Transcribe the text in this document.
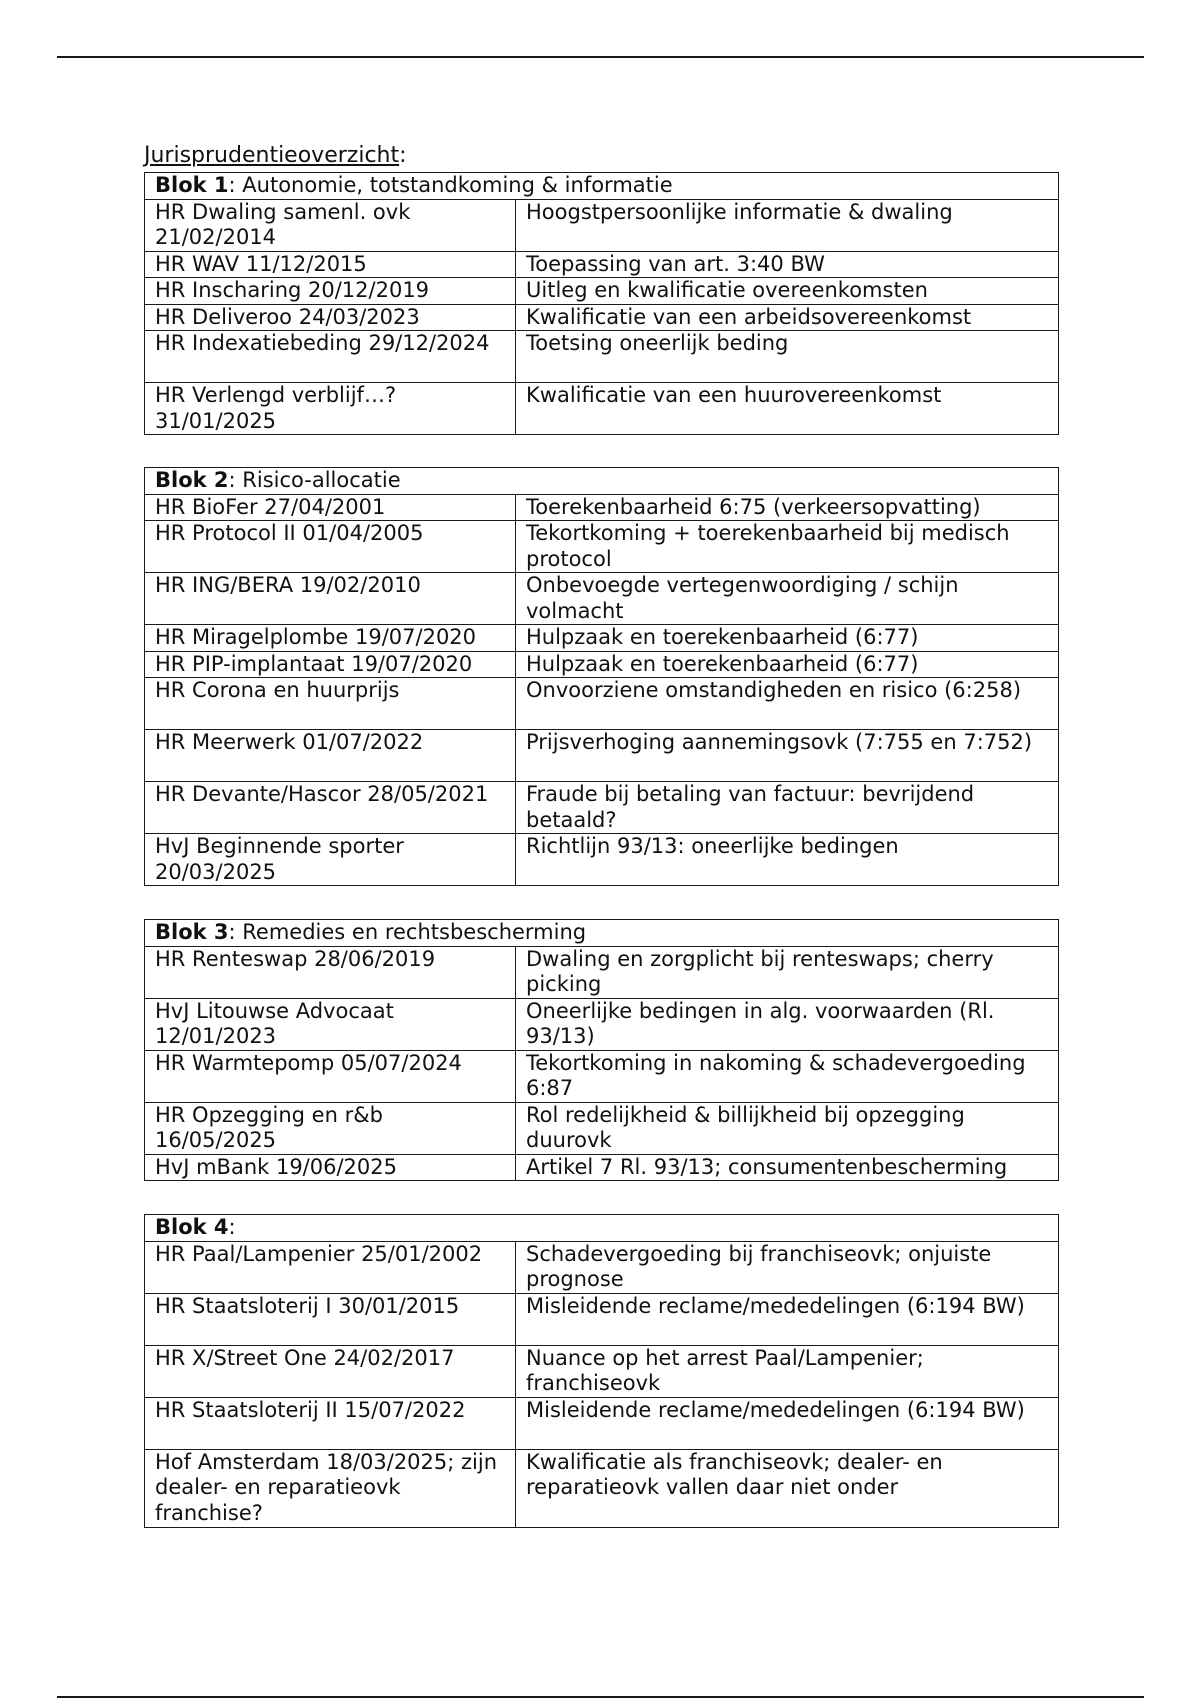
Jurisprudentieoverzicht:
Blok 1: Autonomie, totstandkoming & informatie	
HR Dwaling samenl. ovk 21/02/2014	Hoogstpersoonlijke informatie & dwaling
HR WAV 11/12/2015	Toepassing van art. 3:40 BW
HR Inscharing 20/12/2019	Uitleg en kwalificatie overeenkomsten
HR Deliveroo 24/03/2023	Kwalificatie van een arbeidsovereenkomst
HR Indexatiebeding 29/12/2024	Toetsing oneerlijk beding
HR Verlengd verblijf…? 31/01/2025	Kwalificatie van een huurovereenkomst
Blok 2: Risico-allocatie	
HR BioFer 27/04/2001	Toerekenbaarheid 6:75 (verkeersopvatting)
HR Protocol II 01/04/2005	Tekortkoming + toerekenbaarheid bij medisch protocol
HR ING/BERA 19/02/2010	Onbevoegde vertegenwoordiging / schijn volmacht
HR Miragelplombe 19/07/2020	Hulpzaak en toerekenbaarheid (6:77)
HR PIP-implantaat 19/07/2020	Hulpzaak en toerekenbaarheid (6:77)
HR Corona en huurprijs	Onvoorziene omstandigheden en risico (6:258)
HR Meerwerk 01/07/2022	Prijsverhoging aannemingsovk (7:755 en 7:752)
HR Devante/Hascor 28/05/2021	Fraude bij betaling van factuur: bevrijdend betaald?
HvJ Beginnende sporter 20/03/2025	Richtlijn 93/13: oneerlijke bedingen
Blok 3: Remedies en rechtsbescherming	
HR Renteswap 28/06/2019	Dwaling en zorgplicht bij renteswaps; cherry picking
HvJ Litouwse Advocaat 12/01/2023	Oneerlijke bedingen in alg. voorwaarden (Rl. 93/13)
HR Warmtepomp 05/07/2024	Tekortkoming in nakoming & schadevergoeding 6:87
HR Opzegging en r&b 16/05/2025	Rol redelijkheid & billijkheid bij opzegging duurovk
HvJ mBank 19/06/2025	Artikel 7 Rl. 93/13; consumentenbescherming
Blok 4:	
HR Paal/Lampenier 25/01/2002	Schadevergoeding bij franchiseovk; onjuiste prognose
HR Staatsloterij I 30/01/2015	Misleidende reclame/mededelingen (6:194 BW)
HR X/Street One 24/02/2017	Nuance op het arrest Paal/Lampenier; franchiseovk
HR Staatsloterij II 15/07/2022	Misleidende reclame/mededelingen (6:194 BW)
Hof Amsterdam 18/03/2025; zijn dealer- en reparatieovk franchise?	Kwalificatie als franchiseovk; dealer- en reparatieovk vallen daar niet onder
